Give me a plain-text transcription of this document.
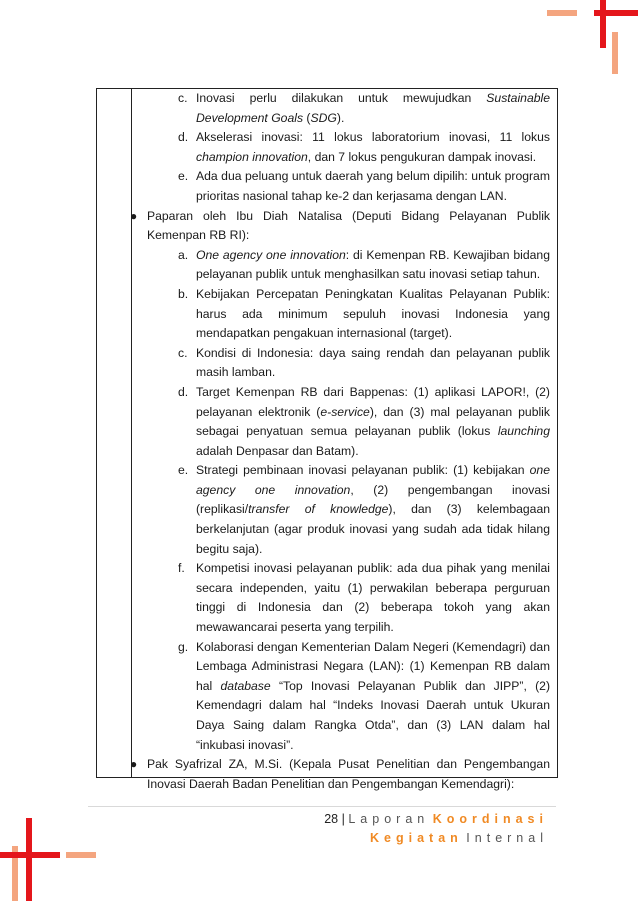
c. Inovasi perlu dilakukan untuk mewujudkan Sustainable Development Goals (SDG).
d. Akselerasi inovasi: 11 lokus laboratorium inovasi, 11 lokus champion innovation, dan 7 lokus pengukuran dampak inovasi.
e. Ada dua peluang untuk daerah yang belum dipilih: untuk program prioritas nasional tahap ke-2 dan kerjasama dengan LAN.
● Paparan oleh Ibu Diah Natalisa (Deputi Bidang Pelayanan Publik Kemenpan RB RI):
a. One agency one innovation: di Kemenpan RB. Kewajiban bidang pelayanan publik untuk menghasilkan satu inovasi setiap tahun.
b. Kebijakan Percepatan Peningkatan Kualitas Pelayanan Publik: harus ada minimum sepuluh inovasi Indonesia yang mendapatkan pengakuan internasional (target).
c. Kondisi di Indonesia: daya saing rendah dan pelayanan publik masih lamban.
d. Target Kemenpan RB dari Bappenas: (1) aplikasi LAPOR!, (2) pelayanan elektronik (e-service), dan (3) mal pelayanan publik sebagai penyatuan semua pelayanan publik (lokus launching adalah Denpasar dan Batam).
e. Strategi pembinaan inovasi pelayanan publik: (1) kebijakan one agency one innovation, (2) pengembangan inovasi (replikasi/transfer of knowledge), dan (3) kelembagaan berkelanjutan (agar produk inovasi yang sudah ada tidak hilang begitu saja).
f. Kompetisi inovasi pelayanan publik: ada dua pihak yang menilai secara independen, yaitu (1) perwakilan beberapa perguruan tinggi di Indonesia dan (2) beberapa tokoh yang akan mewawancarai peserta yang terpilih.
g. Kolaborasi dengan Kementerian Dalam Negeri (Kemendagri) dan Lembaga Administrasi Negara (LAN): (1) Kemenpan RB dalam hal database “Top Inovasi Pelayanan Publik dan JIPP”, (2) Kemendagri dalam hal “Indeks Inovasi Daerah untuk Ukuran Daya Saing dalam Rangka Otda”, dan (3) LAN dalam hal “inkubasi inovasi”.
● Pak Syafrizal ZA, M.Si. (Kepala Pusat Penelitian dan Pengembangan Inovasi Daerah Badan Penelitian dan Pengembangan Kemendagri):
28 | Laporan Koordinasi
Kegiatan Internal
